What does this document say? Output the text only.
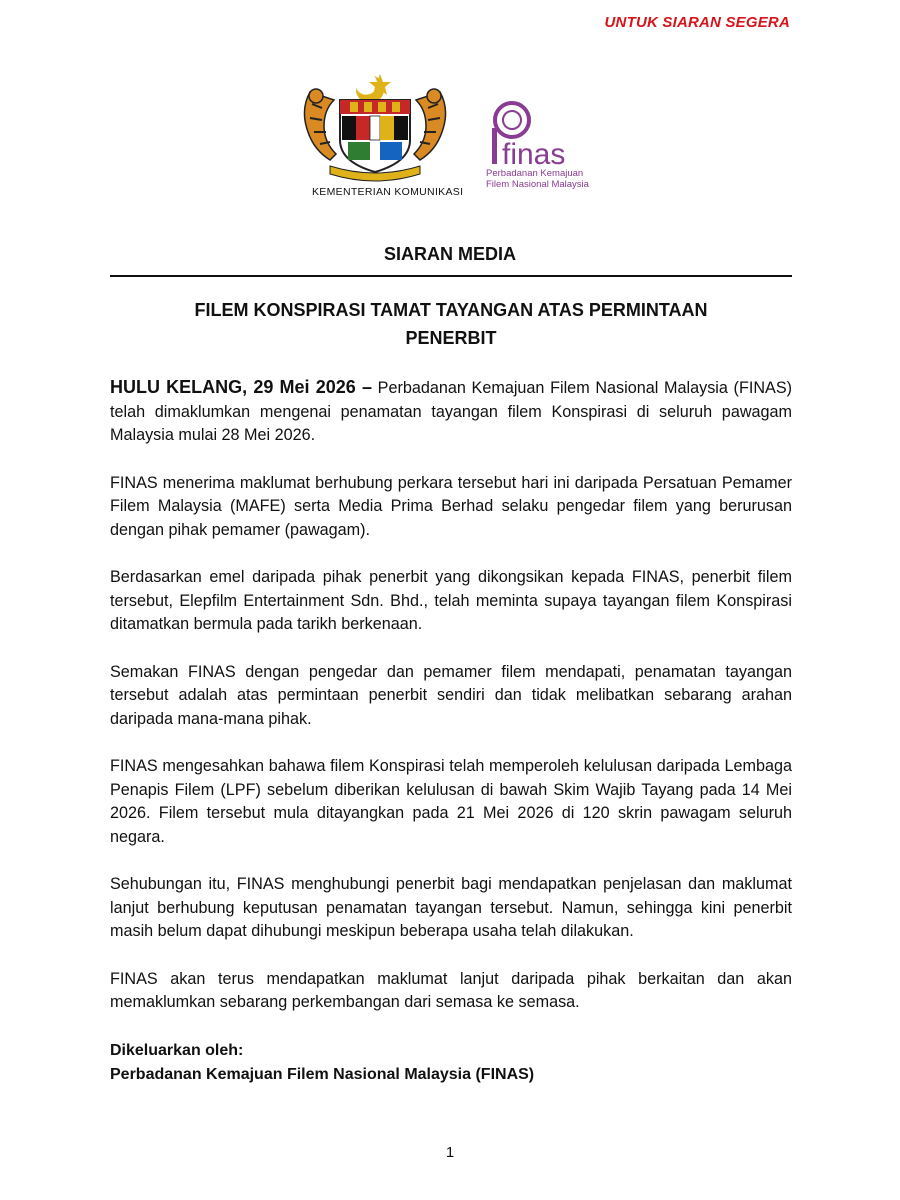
UNTUK SIARAN SEGERA
KEMENTERIAN KOMUNIKASI
finas
Perbadanan Kemajuan
Filem Nasional Malaysia
SIARAN MEDIA
FILEM KONSPIRASI TAMAT TAYANGAN ATAS PERMINTAAN
PENERBIT

HULU KELANG, 29 Mei 2026 – Perbadanan Kemajuan Filem Nasional Malaysia (FINAS) telah dimaklumkan mengenai penamatan tayangan filem Konspirasi di seluruh pawagam Malaysia mulai 28 Mei 2026.

FINAS menerima maklumat berhubung perkara tersebut hari ini daripada Persatuan Pemamer Filem Malaysia (MAFE) serta Media Prima Berhad selaku pengedar filem yang berurusan dengan pihak pemamer (pawagam).

Berdasarkan emel daripada pihak penerbit yang dikongsikan kepada FINAS, penerbit filem tersebut, Elepfilm Entertainment Sdn. Bhd., telah meminta supaya tayangan filem Konspirasi ditamatkan bermula pada tarikh berkenaan.

Semakan FINAS dengan pengedar dan pemamer filem mendapati, penamatan tayangan tersebut adalah atas permintaan penerbit sendiri dan tidak melibatkan sebarang arahan daripada mana-mana pihak.

FINAS mengesahkan bahawa filem Konspirasi telah memperoleh kelulusan daripada Lembaga Penapis Filem (LPF) sebelum diberikan kelulusan di bawah Skim Wajib Tayang pada 14 Mei 2026. Filem tersebut mula ditayangkan pada 21 Mei 2026 di 120 skrin pawagam seluruh negara.

Sehubungan itu, FINAS menghubungi penerbit bagi mendapatkan penjelasan dan maklumat lanjut berhubung keputusan penamatan tayangan tersebut. Namun, sehingga kini penerbit masih belum dapat dihubungi meskipun beberapa usaha telah dilakukan.

FINAS akan terus mendapatkan maklumat lanjut daripada pihak berkaitan dan akan memaklumkan sebarang perkembangan dari semasa ke semasa.

Dikeluarkan oleh:

Perbadanan Kemajuan Filem Nasional Malaysia (FINAS)

1
